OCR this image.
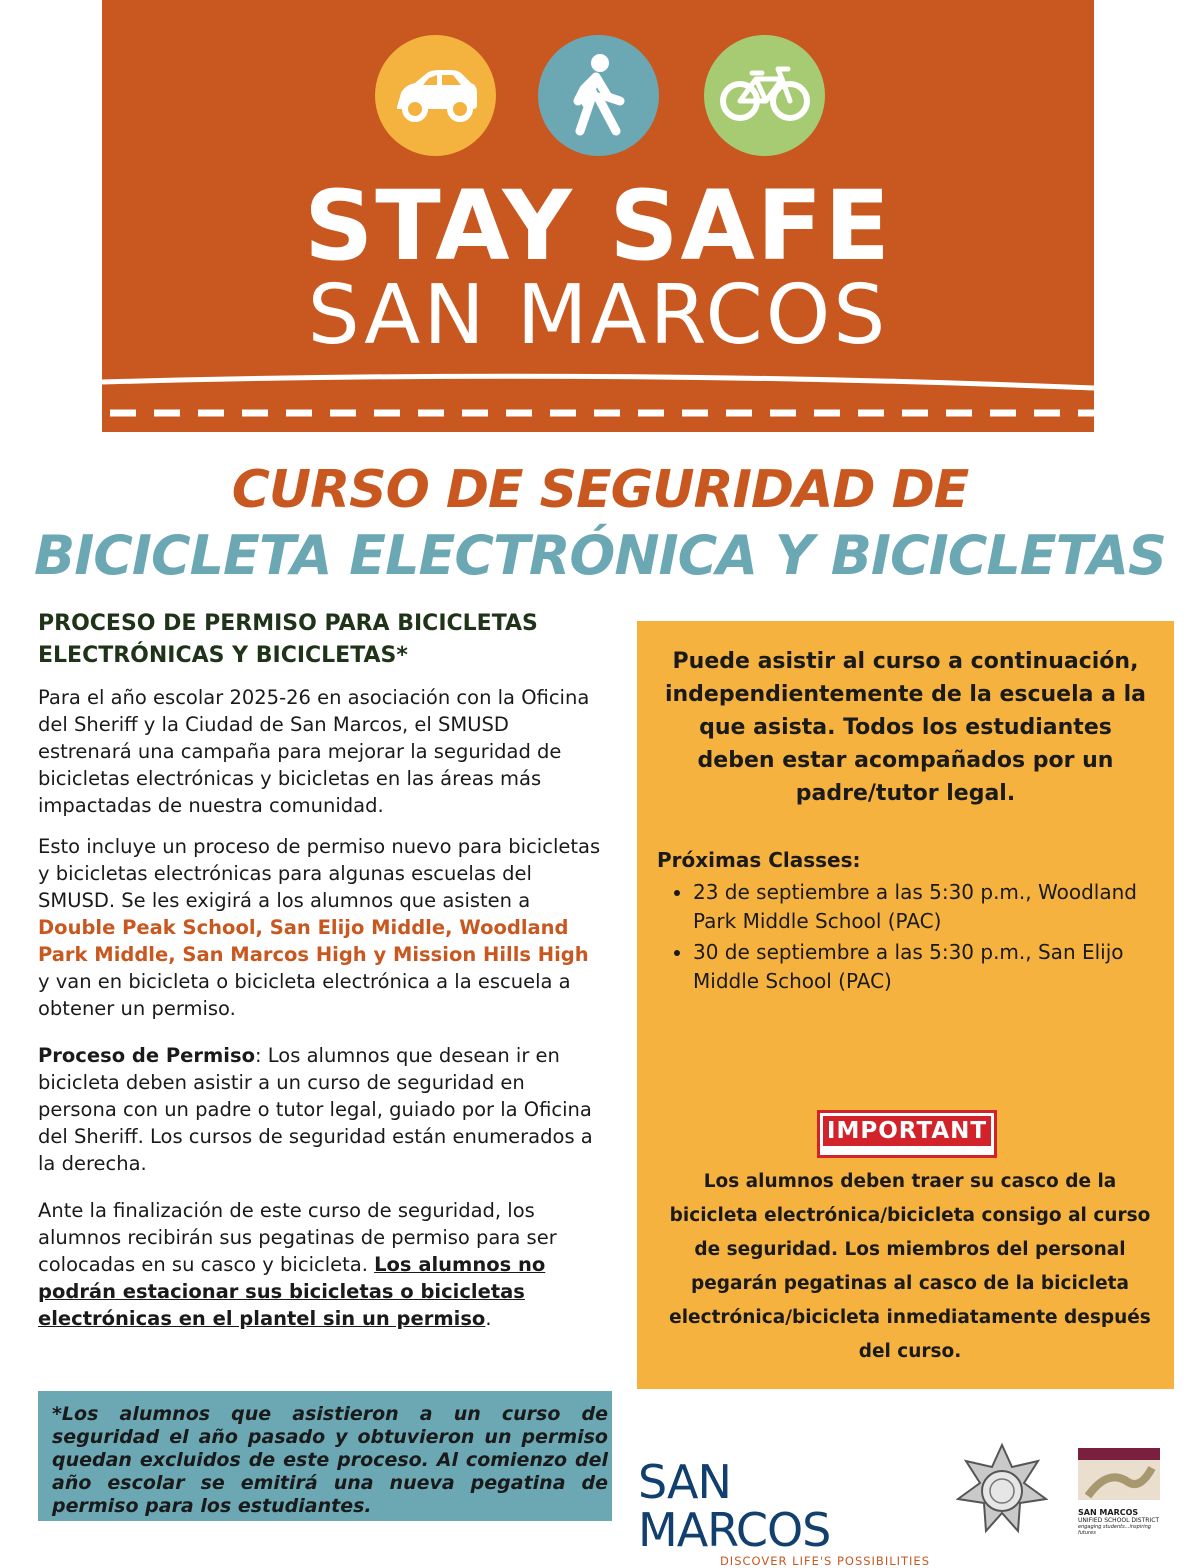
STAY SAFE
SAN MARCOS
CURSO DE SEGURIDAD DE
BICICLETA ELECTRÓNICA Y BICICLETAS
PROCESO DE PERMISO PARA BICICLETAS ELECTRÓNICAS Y BICICLETAS*

Para el año escolar 2025-26 en asociación con la Oficina del Sheriff y la Ciudad de San Marcos, el SMUSD estrenará una campaña para mejorar la seguridad de bicicletas electrónicas y bicicletas en las áreas más impactadas de nuestra comunidad.

Esto incluye un proceso de permiso nuevo para bicicletas y bicicletas electrónicas para algunas escuelas del SMUSD. Se les exigirá a los alumnos que asisten a Double Peak School, San Elijo Middle, Woodland Park Middle, San Marcos High y Mission Hills High y van en bicicleta o bicicleta electrónica a la escuela a obtener un permiso.

Proceso de Permiso: Los alumnos que desean ir en bicicleta deben asistir a un curso de seguridad en persona con un padre o tutor legal, guiado por la Oficina del Sheriff. Los cursos de seguridad están enumerados a la derecha.

Ante la finalización de este curso de seguridad, los alumnos recibirán sus pegatinas de permiso para ser colocadas en su casco y bicicleta. Los alumnos no podrán estacionar sus bicicletas o bicicletas electrónicas en el plantel sin un permiso.

*Los alumnos que asistieron a un curso de seguridad el año pasado y obtuvieron un permiso quedan excluidos de este proceso. Al comienzo del año escolar se emitirá una nueva pegatina de permiso para los estudiantes.

Puede asistir al curso a continuación, independientemente de la escuela a la que asista. Todos los estudiantes deben estar acompañados por un padre/tutor legal.
Próximas Classes:
• 23 de septiembre a las 5:30 p.m., Woodland Park Middle School (PAC)
• 30 de septiembre a las 5:30 p.m., San Elijo Middle School (PAC)
IMPORTANT
Los alumnos deben traer su casco de la bicicleta electrónica/bicicleta consigo al curso de seguridad. Los miembros del personal pegarán pegatinas al casco de la bicicleta electrónica/bicicleta inmediatamente después del curso.
SAN MARCOS
DISCOVER LIFE'S POSSIBILITIES
SAN MARCOS
UNIFIED SCHOOL DISTRICT
engaging students...inspiring futures
